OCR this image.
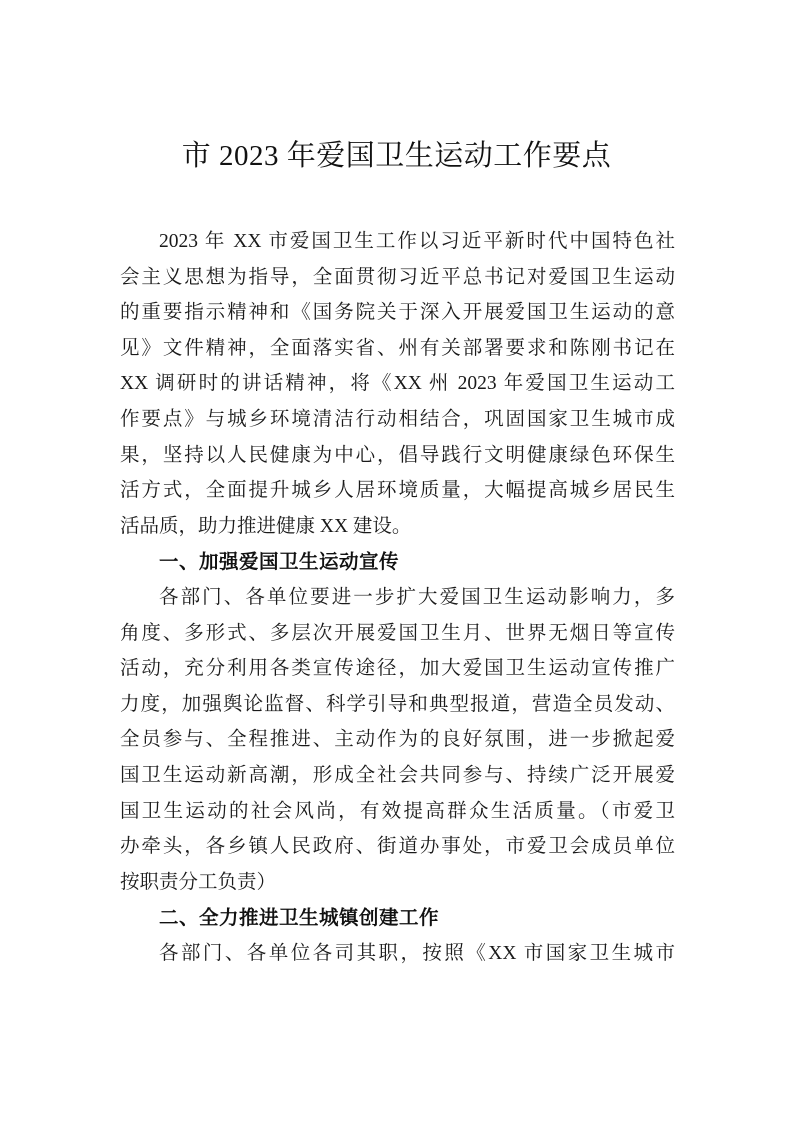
市 2023 年爱国卫生运动工作要点
2023 年 XX 市爱国卫生工作以习近平新时代中国特色社
会主义思想为指导，全面贯彻习近平总书记对爱国卫生运动
的重要指示精神和《国务院关于深入开展爱国卫生运动的意
见》文件精神，全面落实省、州有关部署要求和陈刚书记在
XX 调研时的讲话精神，将《XX 州 2023 年爱国卫生运动工
作要点》与城乡环境清洁行动相结合，巩固国家卫生城市成
果，坚持以人民健康为中心，倡导践行文明健康绿色环保生
活方式，全面提升城乡人居环境质量，大幅提高城乡居民生
活品质，助力推进健康 XX 建设。
一、加强爱国卫生运动宣传
各部门、各单位要进一步扩大爱国卫生运动影响力，多
角度、多形式、多层次开展爱国卫生月、世界无烟日等宣传
活动，充分利用各类宣传途径，加大爱国卫生运动宣传推广
力度，加强舆论监督、科学引导和典型报道，营造全员发动、
全员参与、全程推进、主动作为的良好氛围，进一步掀起爱
国卫生运动新高潮，形成全社会共同参与、持续广泛开展爱
国卫生运动的社会风尚，有效提高群众生活质量。（市爱卫
办牵头，各乡镇人民政府、街道办事处，市爱卫会成员单位
按职责分工负责）
二、全力推进卫生城镇创建工作
各部门、各单位各司其职，按照《XX 市国家卫生城市
